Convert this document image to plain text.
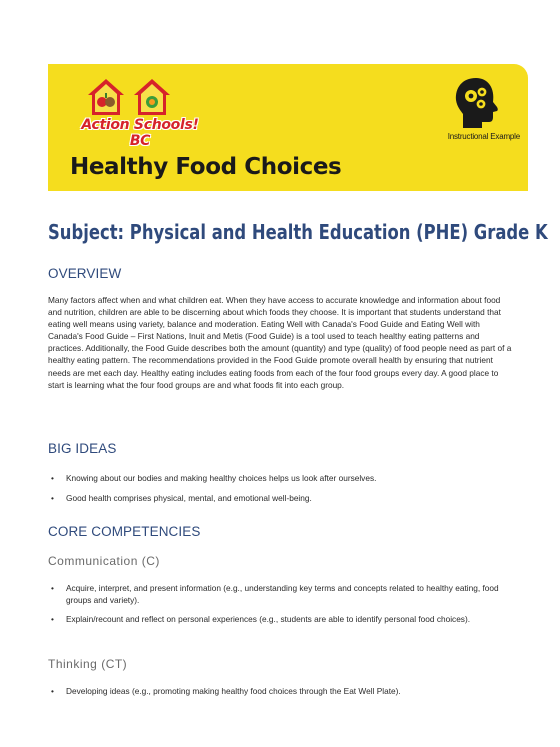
Action Schools! BC
Healthy Food Choices
Instructional Example
Subject: Physical and Health Education (PHE) Grade K
OVERVIEW

Many factors affect when and what children eat. When they have access to accurate knowledge and information about food and nutrition, children are able to be discerning about which foods they choose. It is important that students understand that eating well means using variety, balance and moderation. Eating Well with Canada's Food Guide and Eating Well with Canada's Food Guide – First Nations, Inuit and Metis (Food Guide) is a tool used to teach healthy eating patterns and practices. Additionally, the Food Guide describes both the amount (quantity) and type (quality) of food people need as part of a healthy eating pattern. The recommendations provided in the Food Guide promote overall health by ensuring that nutrient needs are met each day. Healthy eating includes eating foods from each of the four food groups every day. A good place to start is learning what the four food groups are and what foods fit into each group.

BIG IDEAS
• Knowing about our bodies and making healthy choices helps us look after ourselves.
• Good health comprises physical, mental, and emotional well-being.
CORE COMPETENCIES
Communication (C)
• Acquire, interpret, and present information (e.g., understanding key terms and concepts related to healthy eating, food groups and variety).
• Explain/recount and reflect on personal experiences (e.g., students are able to identify personal food choices).
Thinking (CT)
• Developing ideas (e.g., promoting making healthy food choices through the Eat Well Plate).
